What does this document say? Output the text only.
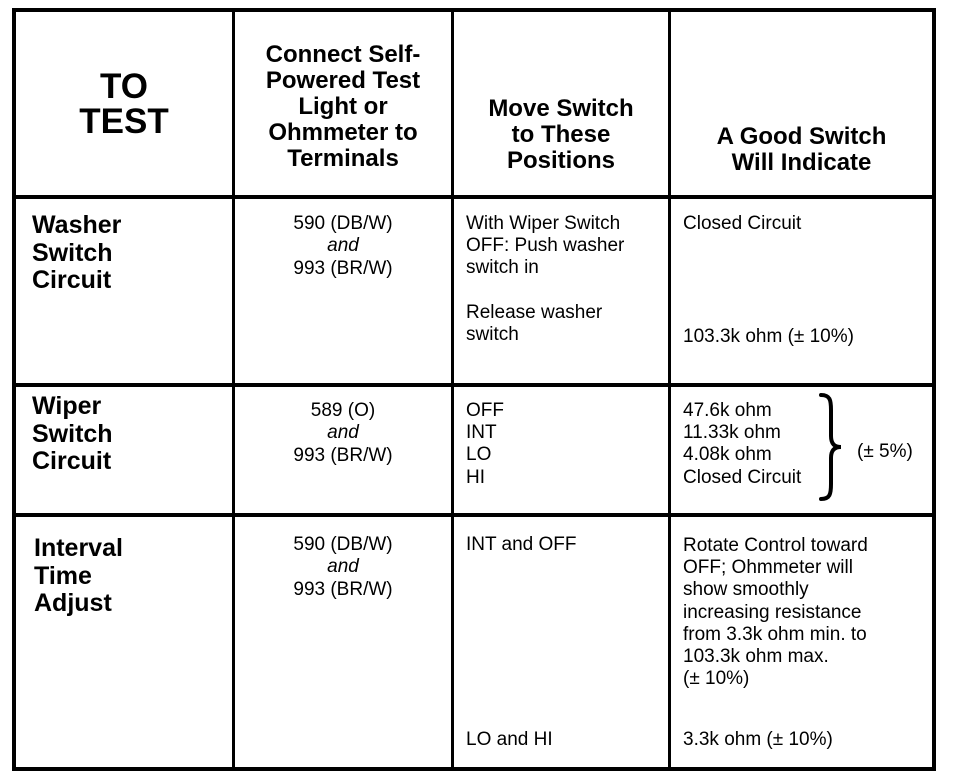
TO
TEST
Connect Self-
Powered Test
Light or
Ohmmeter to
Terminals
Move Switch
to These
Positions
A Good Switch
Will Indicate
Washer
Switch
Circuit
590 (DB/W)
and
993 (BR/W)
With Wiper Switch
OFF: Push washer
switch in
Release washer
switch
Closed Circuit
103.3k ohm (± 10%)
Wiper
Switch
Circuit
589 (O)
and
993 (BR/W)
OFF
INT
LO
HI
47.6k ohm
11.33k ohm
4.08k ohm
Closed Circuit
(± 5%)
Interval
Time
Adjust
590 (DB/W)
and
993 (BR/W)
INT and OFF
LO and HI
Rotate Control toward
OFF; Ohmmeter will
show smoothly
increasing resistance
from 3.3k ohm min. to
103.3k ohm max.
(± 10%)
3.3k ohm (± 10%)
